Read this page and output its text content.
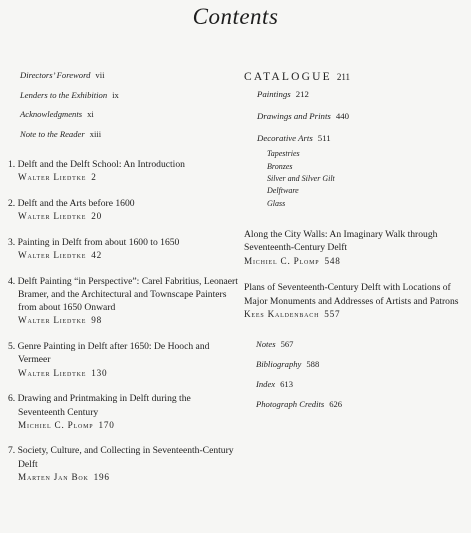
Contents
Directors’ Foreword vii
Lenders to the Exhibition ix
Acknowledgments xi
Note to the Reader xiii
1. Delft and the Delft School: An Introduction
Walter Liedtke 2
2. Delft and the Arts before 1600
Walter Liedtke 20
3. Painting in Delft from about 1600 to 1650
Walter Liedtke 42
4. Delft Painting “in Perspective”: Carel Fabritius, Leonaert Bramer, and the Architectural and Townscape Painters from about 1650 Onward
Walter Liedtke 98
5. Genre Painting in Delft after 1650: De Hooch and Vermeer
Walter Liedtke 130
6. Drawing and Printmaking in Delft during the Seventeenth Century
Michiel C. Plomp 170
7. Society, Culture, and Collecting in Seventeenth-Century Delft
Marten Jan Bok 196
CATALOGUE 211
Paintings 212
Drawings and Prints 440
Decorative Arts 511
Tapestries
Bronzes
Silver and Silver Gilt
Delftware
Glass
Along the City Walls: An Imaginary Walk through Seventeenth-Century Delft
Michiel C. Plomp 548
Plans of Seventeenth-Century Delft with Locations of Major Monuments and Addresses of Artists and Patrons
Kees Kaldenbach 557
Notes 567
Bibliography 588
Index 613
Photograph Credits 626
